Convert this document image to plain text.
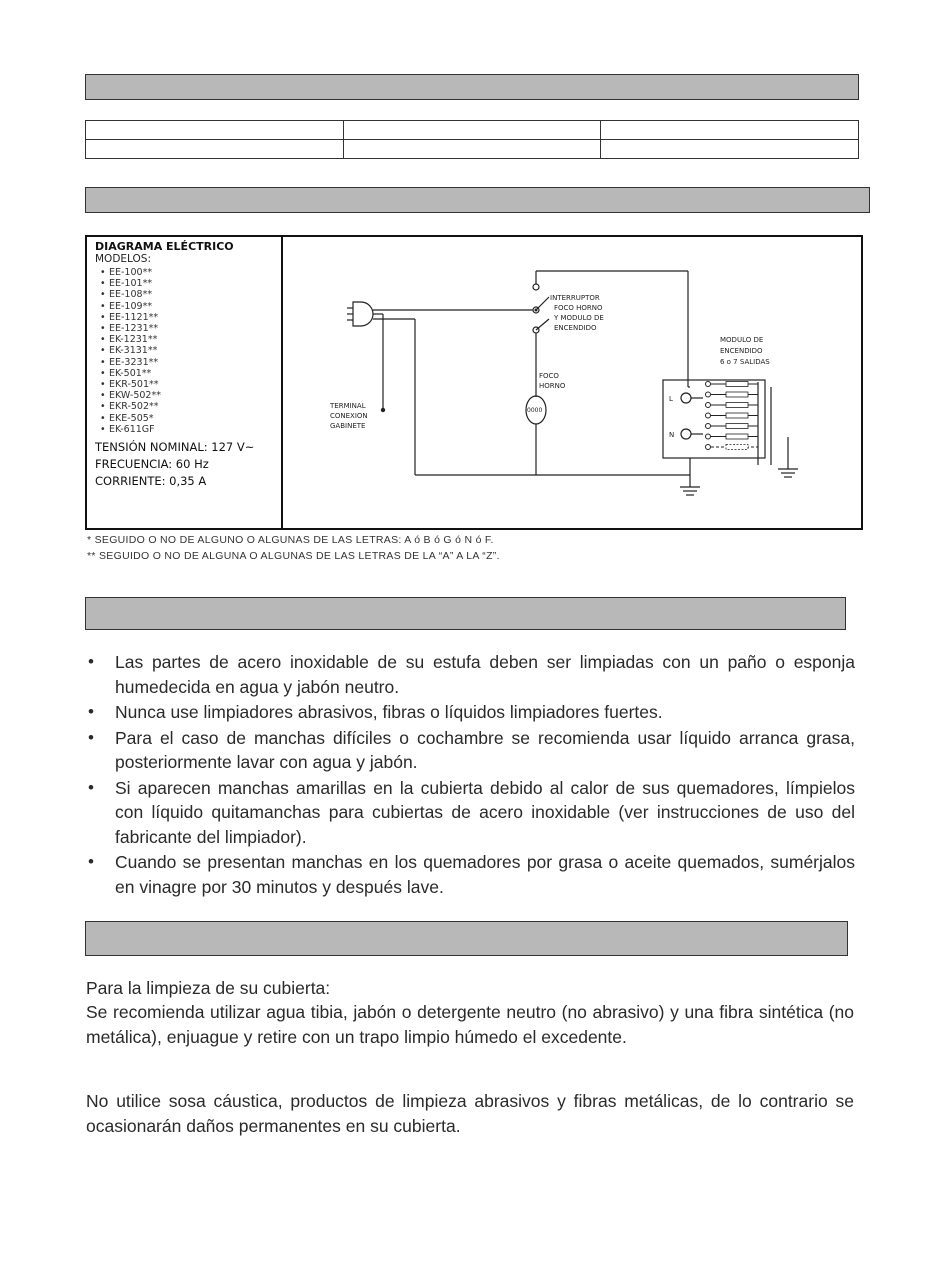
DIAGRAMA ELÉCTRICO
MODELOS:
• EE-100**
• EE-101**
• EE-108**
• EE-109**
• EE-1121**
• EE-1231**
• EK-1231**
• EK-3131**
• EE-3231**
• EK-501**
• EKR-501**
• EKW-502**
• EKR-502**
• EKE-505*
• EK-611GF
TENSIÓN NOMINAL: 127 V~
FRECUENCIA: 60 Hz
CORRIENTE: 0,35 A
INTERRUPTOR
FOCO HORNO
Y MODULO DE
ENCENDIDO
FOCO
HORNO
0000
TERMINAL
CONEXION
GABINETE
MODULO DE
ENCENDIDO
6 o 7 SALIDAS
L
N
* SEGUIDO O NO DE ALGUNO O ALGUNAS DE LAS LETRAS: A ó B ó G ó N ó F.
** SEGUIDO O NO DE ALGUNA O ALGUNAS DE LAS LETRAS DE LA “A” A LA “Z”.
• Las partes de acero inoxidable de su estufa deben ser limpiadas con un paño o esponja humedecida en agua y jabón neutro.
• Nunca use limpiadores abrasivos, fibras o líquidos limpiadores fuertes.
• Para el caso de manchas difíciles o cochambre se recomienda usar líquido arranca grasa, posteriormente lavar con agua y jabón.
• Si aparecen manchas amarillas en la cubierta debido al calor de sus quemadores, límpielos con líquido quitamanchas para cubiertas de acero inoxidable (ver instrucciones de uso del fabricante del limpiador).
• Cuando se presentan manchas en los quemadores por grasa o aceite quemados, sumérjalos en vinagre por 30 minutos y después lave.

Para la limpieza de su cubierta:

Se recomienda utilizar agua tibia, jabón o detergente neutro (no abrasivo) y una fibra sintética (no metálica), enjuague y retire con un trapo limpio húmedo el excedente.

No utilice sosa cáustica, productos de limpieza abrasivos y fibras metálicas, de lo contrario se ocasionarán daños permanentes en su cubierta.
